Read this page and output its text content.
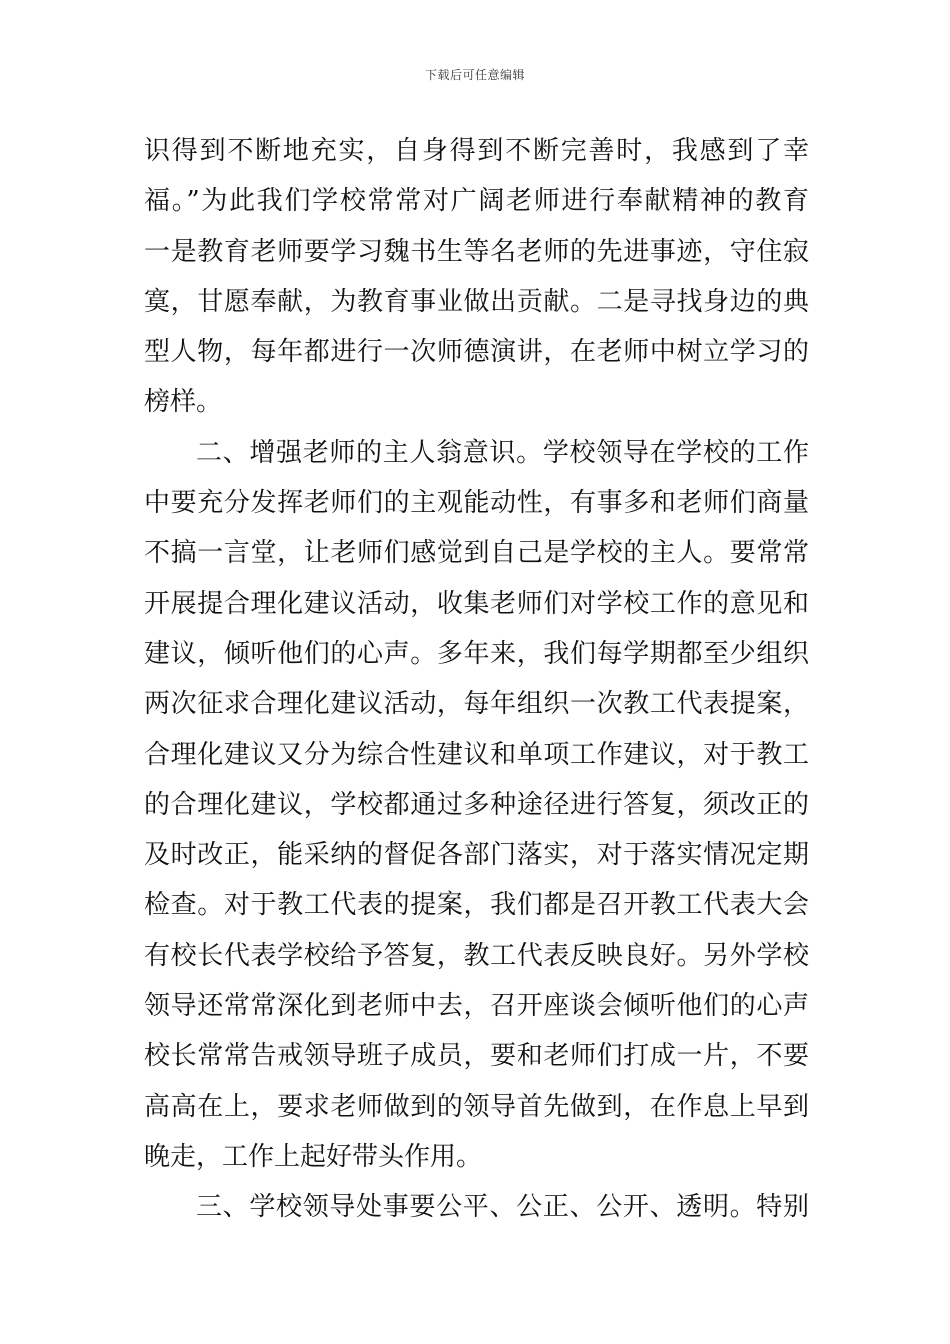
下载后可任意编辑
识得到不断地充实，自身得到不断完善时，我感到了幸
福。”为此我们学校常常对广阔老师进行奉献精神的教育
一是教育老师要学习魏书生等名老师的先进事迹，守住寂
寞，甘愿奉献，为教育事业做出贡献。二是寻找身边的典
型人物，每年都进行一次师德演讲，在老师中树立学习的
榜样。
二、增强老师的主人翁意识。学校领导在学校的工作
中要充分发挥老师们的主观能动性，有事多和老师们商量
不搞一言堂，让老师们感觉到自己是学校的主人。要常常
开展提合理化建议活动，收集老师们对学校工作的意见和
建议，倾听他们的心声。多年来，我们每学期都至少组织
两次征求合理化建议活动，每年组织一次教工代表提案，
合理化建议又分为综合性建议和单项工作建议，对于教工
的合理化建议，学校都通过多种途径进行答复，须改正的
及时改正，能采纳的督促各部门落实，对于落实情况定期
检查。对于教工代表的提案，我们都是召开教工代表大会
有校长代表学校给予答复，教工代表反映良好。另外学校
领导还常常深化到老师中去，召开座谈会倾听他们的心声
校长常常告戒领导班子成员，要和老师们打成一片，不要
高高在上，要求老师做到的领导首先做到，在作息上早到
晚走，工作上起好带头作用。
三、学校领导处事要公平、公正、公开、透明。特别
